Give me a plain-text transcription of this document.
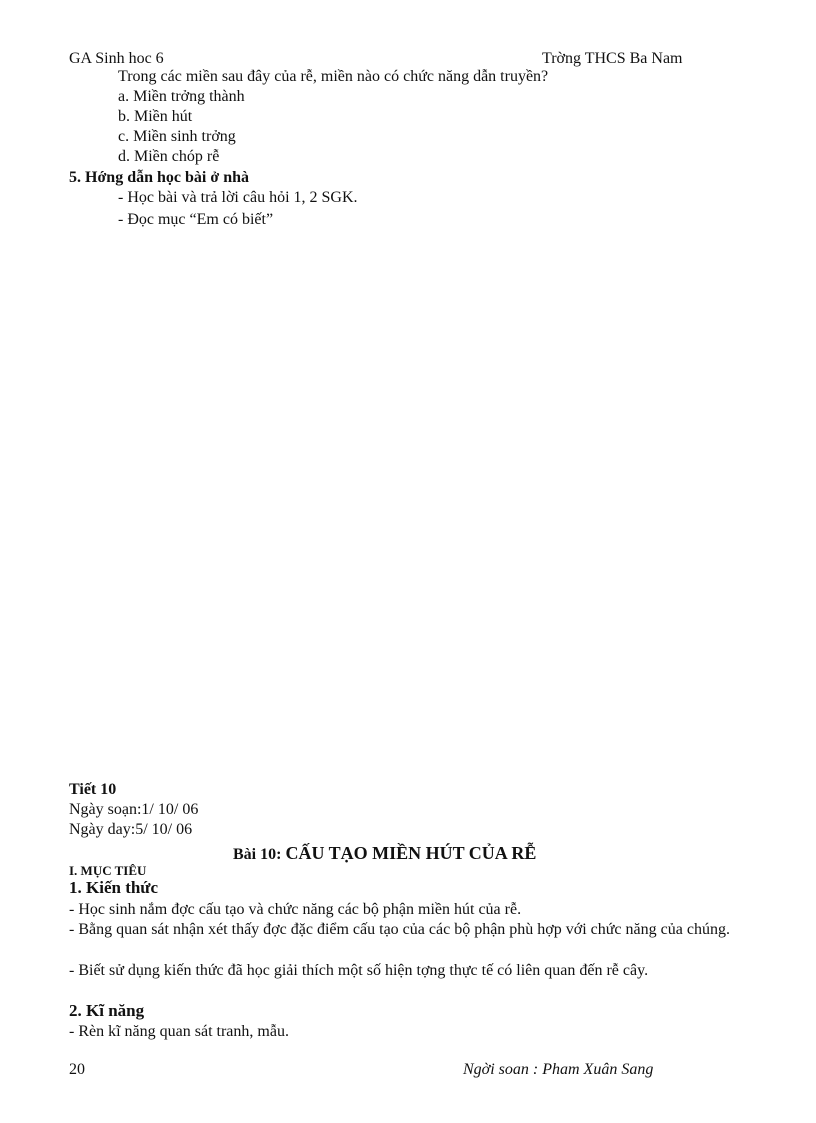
GA Sinh hoc 6	Trờng THCS Ba Nam
Trong các miền sau đây của rễ, miền nào có chức năng dẫn truyền?
a. Miền trởng thành
b. Miền hút
c. Miền sinh trởng
d. Miền chóp rễ
5. Hớng dẫn học bài ở nhà
- Học bài và trả lời câu hỏi 1, 2 SGK.
- Đọc mục “Em có biết”
Tiết 10
Ngày soạn:1/ 10/ 06
Ngày day:5/ 10/ 06
Bài 10: CẤU TẠO MIỀN HÚT CỦA RỄ
I. MỤC TIÊU
1. Kiến thức
- Học sinh nắm đợc cấu tạo và chức năng các bộ phận miền hút của rễ.
- Bằng quan sát nhận xét thấy đợc đặc điểm cấu tạo của các bộ phận phù hợp với chức năng của chúng.
- Biết sử dụng kiến thức đã học giải thích một số hiện tợng thực tế có liên quan đến rễ cây.
2. Kĩ năng
- Rèn kĩ năng quan sát tranh, mẫu.
20	Ngời soan : Pham Xuân Sang
